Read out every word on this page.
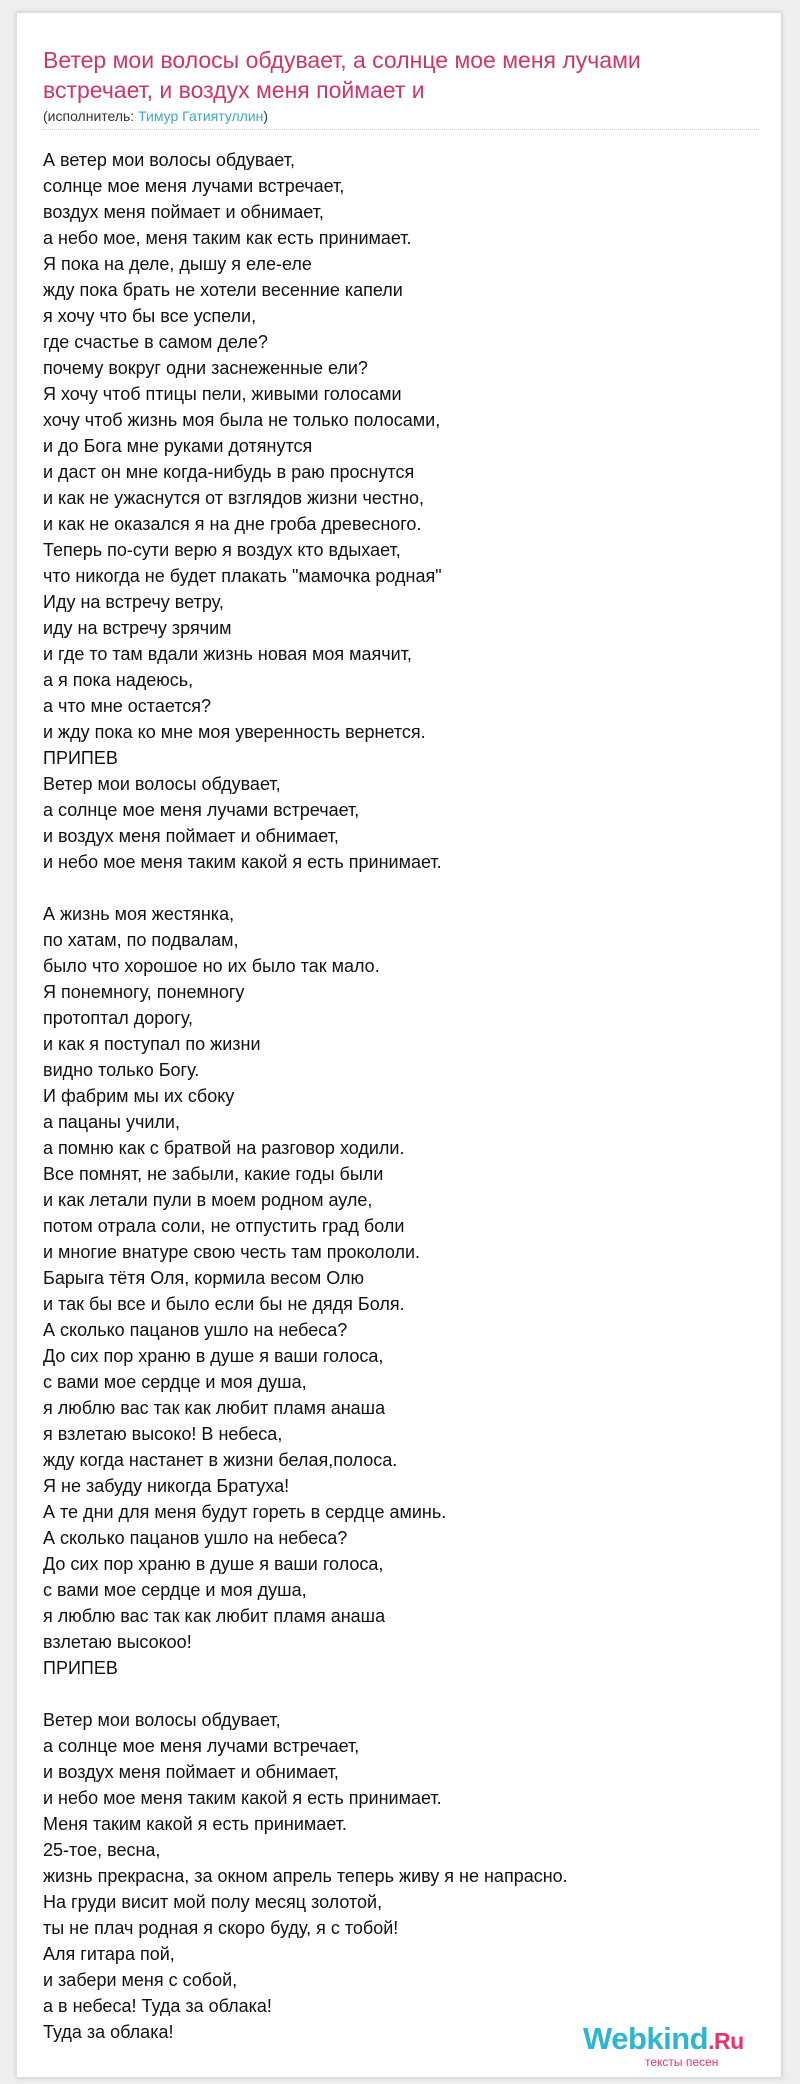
Ветер мои волосы обдувает, а солнце мое меня лучами встречает, и воздух меня поймает и
(исполнитель: Тимур Гатиятуллин)
А ветер мои волосы обдувает,
солнце мое меня лучами встречает,
воздух меня поймает и обнимает,
а небо мое, меня таким как есть принимает.
Я пока на деле, дышу я еле-еле
жду пока брать не хотели весенние капели
я хочу что бы все успели,
где счастье в самом деле?
почему вокруг одни заснеженные ели?
Я хочу чтоб птицы пели, живыми голосами
хочу чтоб жизнь моя была не только полосами,
и до Бога мне руками дотянутся
и даст он мне когда-нибудь в раю проснутся
и как не ужаснутся от взглядов жизни честно,
и как не оказался я на дне гроба древесного.
Теперь по-сути верю я воздух кто вдыхает,
что никогда не будет плакать "мамочка родная"
Иду на встречу ветру,
иду на встречу зрячим
и где то там вдали жизнь новая моя маячит,
а я пока надеюсь,
а что мне остается?
и жду пока ко мне моя уверенность вернется.
ПРИПЕВ
Ветер мои волосы обдувает,
а солнце мое меня лучами встречает,
и воздух меня поймает и обнимает,
и небо мое меня таким какой я есть принимает.
А жизнь моя жестянка,
по хатам, по подвалам,
было что хорошое но их было так мало.
Я понемногу, понемногу
протоптал дорогу,
и как я поступал по жизни
видно только Богу.
И фабрим мы их сбоку
а пацаны учили,
а помню как с братвой на разговор ходили.
Все помнят, не забыли, какие годы были
и как летали пули в моем родном ауле,
потом отрала соли, не отпустить град боли
и многие внатуре свою честь там прокололи.
Барыга тётя Оля, кормила весом Олю
и так бы все и было если бы не дядя Боля.
А сколько пацанов ушло на небеса?
До сих пор храню в душе я ваши голоса,
с вами мое сердце и моя душа,
я люблю вас так как любит пламя анаша
я взлетаю высоко! В небеса,
жду когда настанет в жизни белая,полоса.
Я не забуду никогда Братуха!
А те дни для меня будут гореть в сердце аминь.
А сколько пацанов ушло на небеса?
До сих пор храню в душе я ваши голоса,
с вами мое сердце и моя душа,
я люблю вас так как любит пламя анаша
взлетаю высокоо!
ПРИПЕВ
Ветер мои волосы обдувает,
а солнце мое меня лучами встречает,
и воздух меня поймает и обнимает,
и небо мое меня таким какой я есть принимает.
Меня таким какой я есть принимает.
25-тое, весна,
жизнь прекрасна, за окном апрель теперь живу я не напрасно.
На груди висит мой полу месяц золотой,
ты не плач родная я скоро буду, я с тобой!
Аля гитара пой,
и забери меня с собой,
а в небеса! Туда за облака!
Туда за облака!	Webkind.Ru
тексты песен
